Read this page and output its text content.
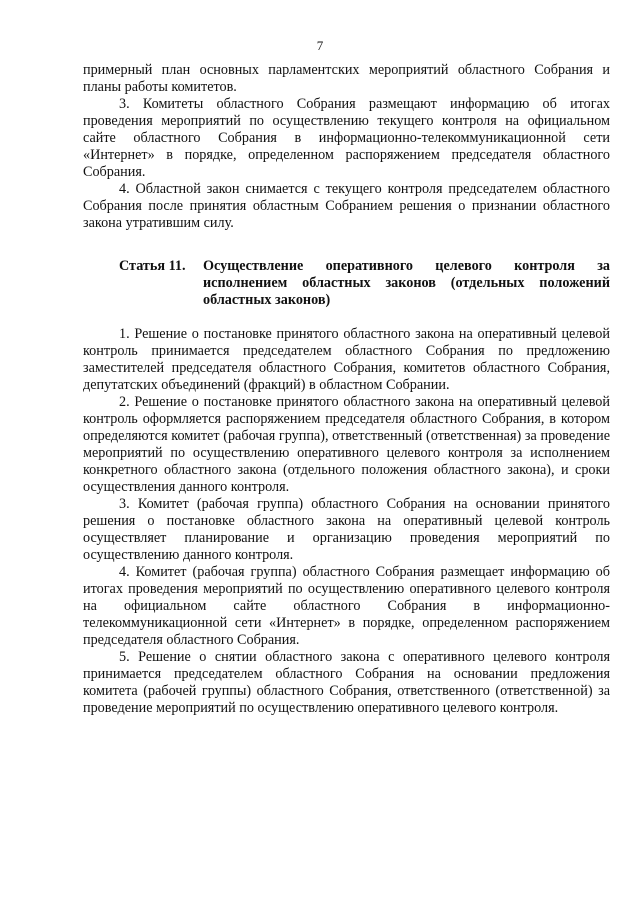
7

примерный план основных парламентских мероприятий областного Собрания и планы работы комитетов.

3. Комитеты областного Собрания размещают информацию об итогах проведения мероприятий по осуществлению текущего контроля на официальном сайте областного Собрания в информационно-телекоммуникационной сети «Интернет» в порядке, определенном распоряжением председателя областного Собрания.

4. Областной закон снимается с текущего контроля председателем областного Собрания после принятия областным Собранием решения о признании областного закона утратившим силу.

Статья 11. Осуществление оперативного целевого контроля за исполнением областных законов (отдельных положений областных законов)

1. Решение о постановке принятого областного закона на оперативный целевой контроль принимается председателем областного Собрания по предложению заместителей председателя областного Собрания, комитетов областного Собрания, депутатских объединений (фракций) в областном Собрании.

2. Решение о постановке принятого областного закона на оперативный целевой контроль оформляется распоряжением председателя областного Собрания, в котором определяются комитет (рабочая группа), ответственный (ответственная) за проведение мероприятий по осуществлению оперативного целевого контроля за исполнением конкретного областного закона (отдельного положения областного закона), и сроки осуществления данного контроля.

3. Комитет (рабочая группа) областного Собрания на основании принятого решения о постановке областного закона на оперативный целевой контроль осуществляет планирование и организацию проведения мероприятий по осуществлению данного контроля.

4. Комитет (рабочая группа) областного Собрания размещает информацию об итогах проведения мероприятий по осуществлению оперативного целевого контроля на официальном сайте областного Собрания в информационно-телекоммуникационной сети «Интернет» в порядке, определенном распоряжением председателя областного Собрания.

5. Решение о снятии областного закона с оперативного целевого контроля принимается председателем областного Собрания на основании предложения комитета (рабочей группы) областного Собрания, ответственного (ответственной) за проведение мероприятий по осуществлению оперативного целевого контроля.
